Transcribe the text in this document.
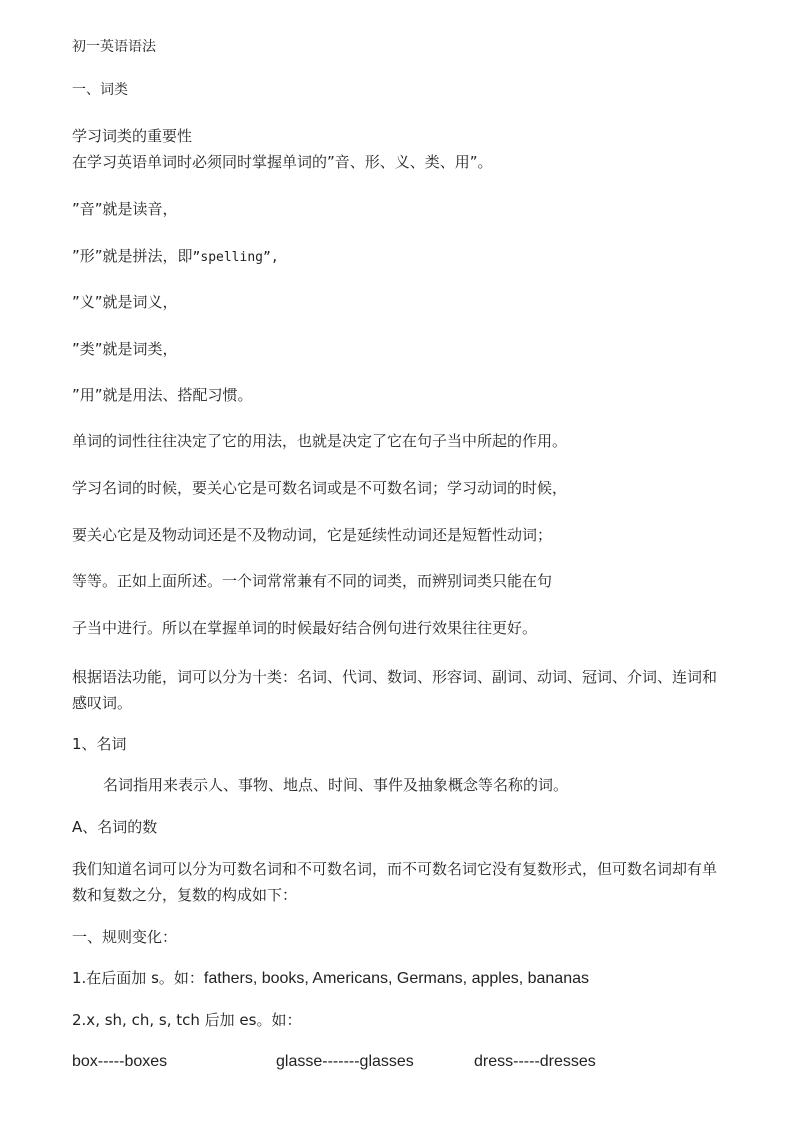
初一英语语法

一、词类

学习词类的重要性

在学习英语单词时必须同时掌握单词的”音、形、义、类、用”。

”音”就是读音，

”形”就是拼法，即”spelling”,

”义”就是词义，

”类”就是词类，

”用”就是用法、搭配习惯。

单词的词性往往决定了它的用法，也就是决定了它在句子当中所起的作用。

学习名词的时候，要关心它是可数名词或是不可数名词；学习动词的时候，

要关心它是及物动词还是不及物动词，它是延续性动词还是短暂性动词；

等等。正如上面所述。一个词常常兼有不同的词类，而辨别词类只能在句

子当中进行。所以在掌握单词的时候最好结合例句进行效果往往更好。

根据语法功能，词可以分为十类：名词、代词、数词、形容词、副词、动词、冠词、介词、连词和感叹词。

1、名词

名词指用来表示人、事物、地点、时间、事件及抽象概念等名称的词。

A、名词的数

我们知道名词可以分为可数名词和不可数名词，而不可数名词它没有复数形式，但可数名词却有单数和复数之分，复数的构成如下：

一、规则变化：

1.在后面加 s。如：fathers, books, Americans, Germans, apples, bananas

2.x, sh, ch, s, tch 后加 es。如：

box-----boxes	glasse-------glasses	dress-----dresses
